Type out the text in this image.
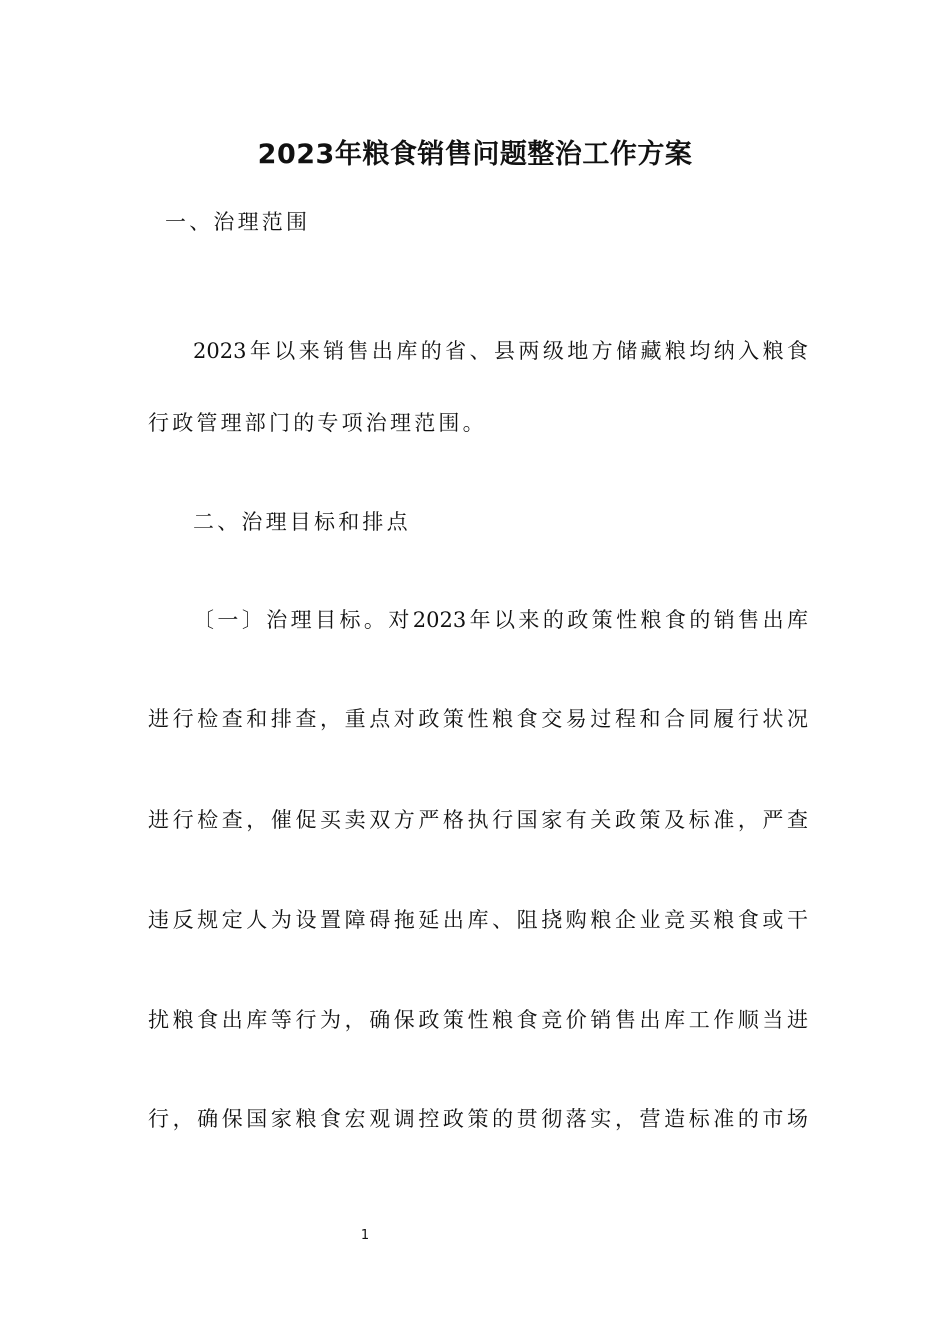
2023年粮食销售问题整治工作方案
一、治理范围
2023年以来销售出库的省、县两级地方储藏粮均纳入粮食
行政管理部门的专项治理范围。
二、治理目标和排点
〔一〕治理目标。对2023年以来的政策性粮食的销售出库
进行检查和排查，重点对政策性粮食交易过程和合同履行状况
进行检查，催促买卖双方严格执行国家有关政策及标准，严查
违反规定人为设置障碍拖延出库、阻挠购粮企业竞买粮食或干
扰粮食出库等行为，确保政策性粮食竞价销售出库工作顺当进
行，确保国家粮食宏观调控政策的贯彻落实，营造标准的市场
1
